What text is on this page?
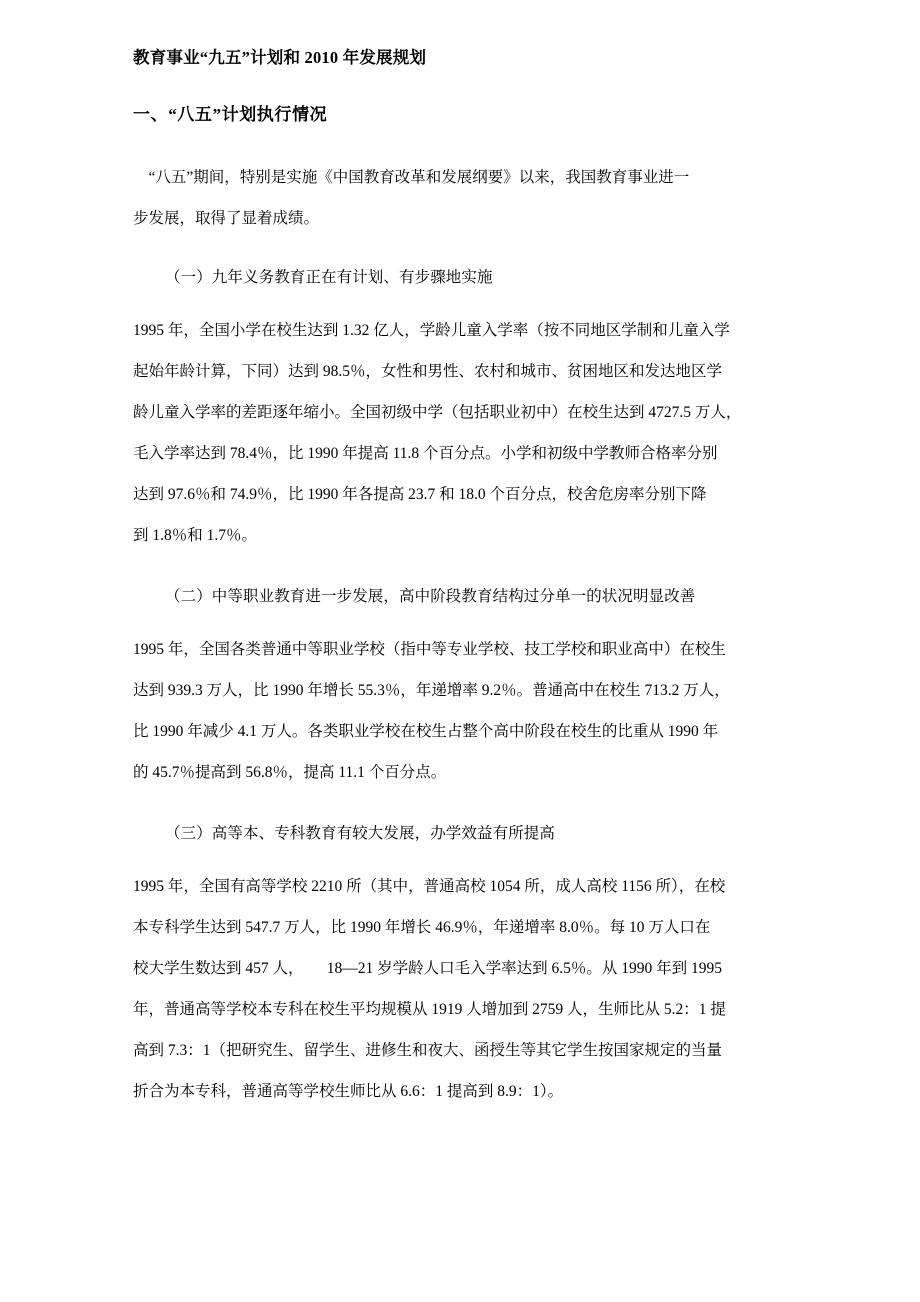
教育事业“九五”计划和 2010 年发展规划
一、“八五”计划执行情况

“八五”期间，特别是实施《中国教育改革和发展纲要》以来，我国教育事业进一
步发展，取得了显着成绩。

（一）九年义务教育正在有计划、有步骤地实施

1995 年，全国小学在校生达到 1.32 亿人，学龄儿童入学率（按不同地区学制和儿童入学
起始年龄计算，下同）达到 98.5％，女性和男性、农村和城市、贫困地区和发达地区学
龄儿童入学率的差距逐年缩小。全国初级中学（包括职业初中）在校生达到 4727.5 万人，
毛入学率达到 78.4％，比 1990 年提高 11.8 个百分点。小学和初级中学教师合格率分别
达到 97.6％和 74.9％，比 1990 年各提高 23.7 和 18.0 个百分点，校舍危房率分别下降
到 1.8％和 1.7％。

（二）中等职业教育进一步发展，高中阶段教育结构过分单一的状况明显改善

1995 年，全国各类普通中等职业学校（指中等专业学校、技工学校和职业高中）在校生
达到 939.3 万人，比 1990 年增长 55.3％，年递增率 9.2％。普通高中在校生 713.2 万人，
比 1990 年减少 4.1 万人。各类职业学校在校生占整个高中阶段在校生的比重从 1990 年
的 45.7％提高到 56.8％，提高 11.1 个百分点。

（三）高等本、专科教育有较大发展，办学效益有所提高

1995 年，全国有高等学校 2210 所（其中，普通高校 1054 所，成人高校 1156 所），在校
本专科学生达到 547.7 万人，比 1990 年增长 46.9％，年递增率 8.0％。每 10 万人口在
校大学生数达到 457 人，      18—21 岁学龄人口毛入学率达到 6.5％。从 1990 年到 1995
年，普通高等学校本专科在校生平均规模从 1919 人增加到 2759 人，生师比从 5.2：1 提
高到 7.3：1（把研究生、留学生、进修生和夜大、函授生等其它学生按国家规定的当量
折合为本专科，普通高等学校生师比从 6.6：1 提高到 8.9：1）。
